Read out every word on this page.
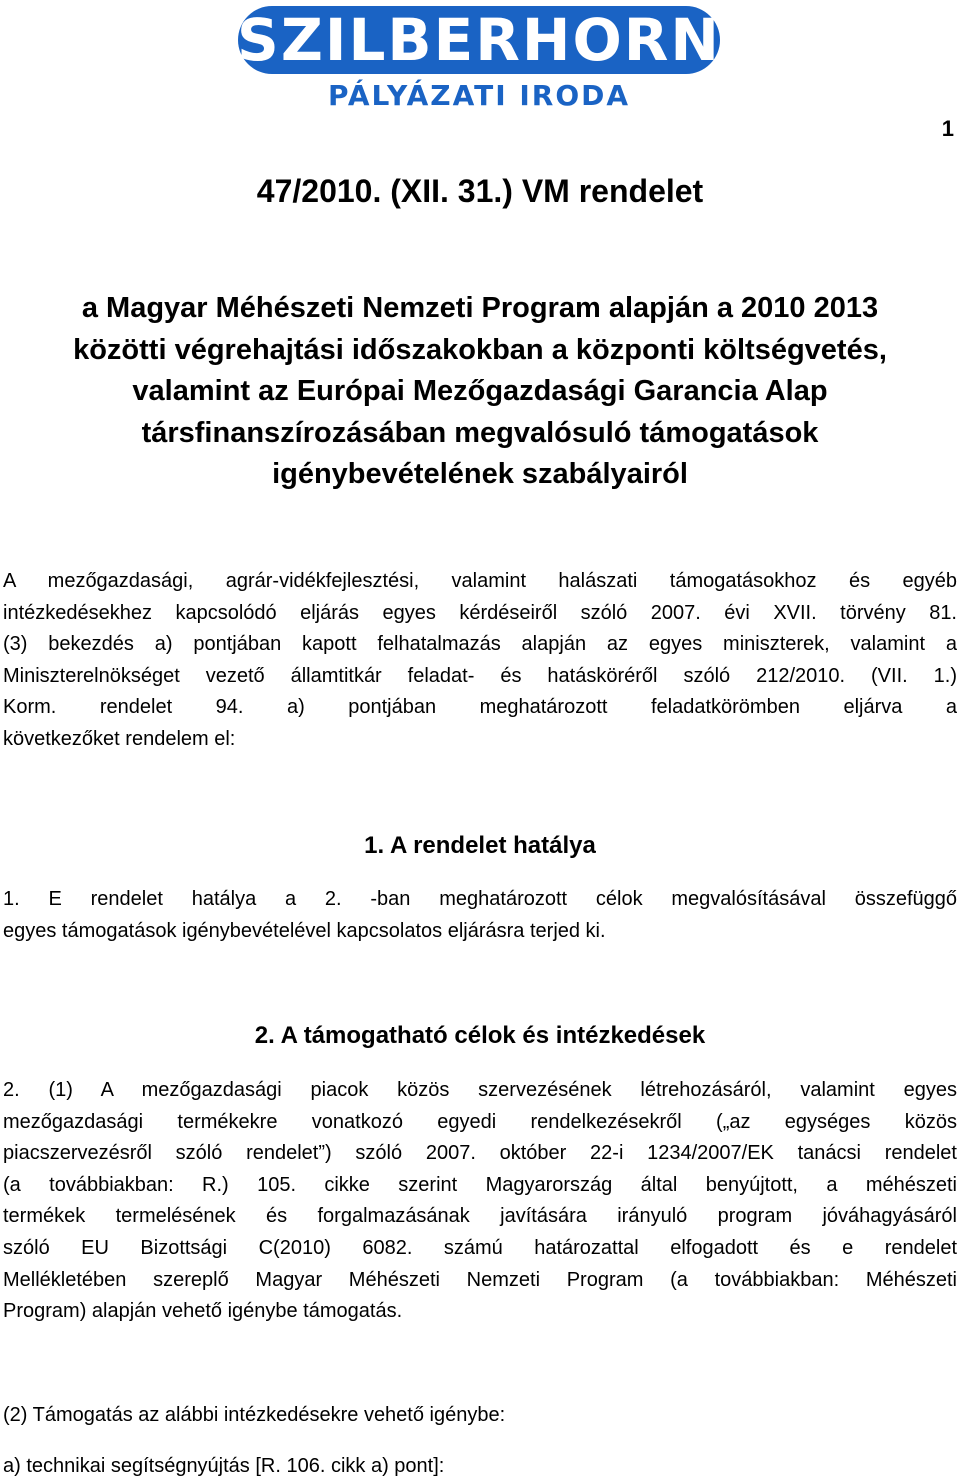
SZILBERHORN
PÁLYÁZATI IRODA
1
47/2010. (XII. 31.) VM rendelet
a Magyar Méhészeti Nemzeti Program alapján a 2010 2013
közötti végrehajtási időszakokban a központi költségvetés,
valamint az Európai Mezőgazdasági Garancia Alap
társfinanszírozásában megvalósuló támogatások
igénybevételének szabályairól
A mezőgazdasági, agrár-vidékfejlesztési, valamint halászati támogatásokhoz és egyéb
intézkedésekhez kapcsolódó eljárás egyes kérdéseiről szóló 2007. évi XVII. törvény 81.
(3) bekezdés a) pontjában kapott felhatalmazás alapján az egyes miniszterek, valamint a
Miniszterelnökséget vezető államtitkár feladat- és hatásköréről szóló 212/2010. (VII. 1.)
Korm. rendelet 94. a) pontjában meghatározott feladatkörömben eljárva a
következőket rendelem el:
1. A rendelet hatálya
1. E rendelet hatálya a 2. -ban meghatározott célok megvalósításával összefüggő
egyes támogatások igénybevételével kapcsolatos eljárásra terjed ki.
2. A támogatható célok és intézkedések
2. (1) A mezőgazdasági piacok közös szervezésének létrehozásáról, valamint egyes
mezőgazdasági termékekre vonatkozó egyedi rendelkezésekről („az egységes közös
piacszervezésről szóló rendelet”) szóló 2007. október 22-i 1234/2007/EK tanácsi rendelet
(a továbbiakban: R.) 105. cikke szerint Magyarország által benyújtott, a méhészeti
termékek termelésének és forgalmazásának javítására irányuló program jóváhagyásáról
szóló EU Bizottsági C(2010) 6082. számú határozattal elfogadott és e rendelet
Mellékletében szereplő Magyar Méhészeti Nemzeti Program (a továbbiakban: Méhészeti
Program) alapján vehető igénybe támogatás.
(2) Támogatás az alábbi intézkedésekre vehető igénybe:
a) technikai segítségnyújtás [R. 106. cikk a) pont]:
